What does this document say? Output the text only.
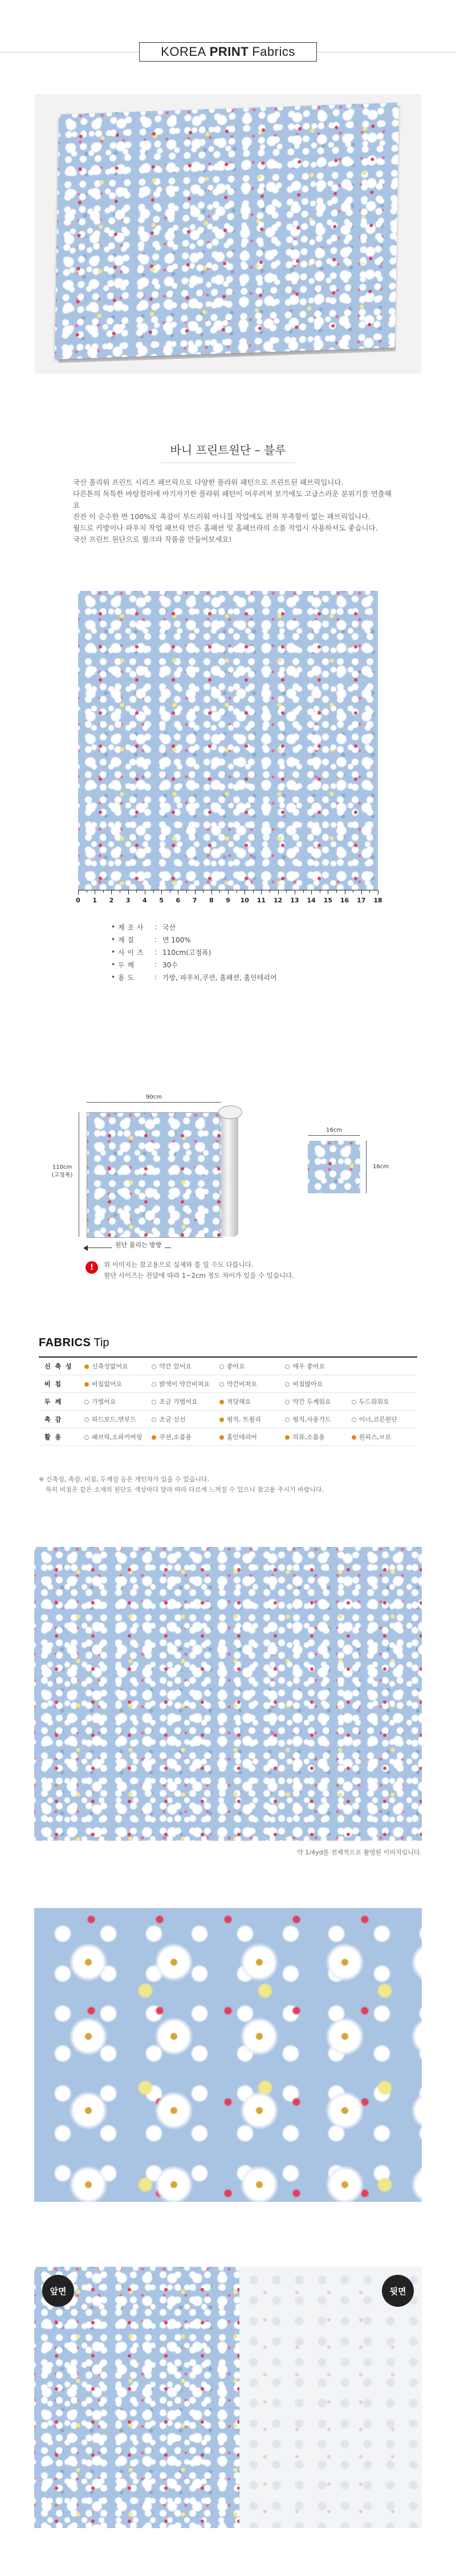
KOREA PRINT Fabrics
바니 프린트원단 – 블루
국산 폴리워 프린트 시리즈 패브릭으로 다양한 플라워 패턴으로 프린트된 패브릭입니다.
다른톤의 독특한 바탕컬러에 아기자기한 플라워 패턴이 어우러져 보기에도 고급스러운 분위기를 연출해요
잔잔 이 순수한 면 100%로 촉감이 부드러워 아니집 작업에도 전혀 부족함이 없는 패브릭입니다.
월드로 카방이나 파우치 작업 패브릭 만든 홈패션 및 홈패브라의 소품 작업시 사용하셔도 좋습니다.
국산 프린트 원단으로 퀄크라 작품을 만들어보세요!
0	1	2	3	4	5	6	7	8	9	10 11 12 13 14 15 16 17 18
• 제 조 사	: 국산
• 재 질	: 면 100%
• 사 이 즈	: 110cm(고정폭)
• 두 께	: 30수
• 용 도	: 가방, 파우치,쿠션, 홈패션, 홈인테리어
90cm
110cm
(고정폭)
16cm
16cm
원단 풀리는 방향
!	위 이미지는 참고용으로 실제와 틀 릴 수도 다릅니다.
원단 사이즈는 전달에 따라 1~2cm 정도 차이가 있을 수 있습니다.
FABRICS Tip
신 축 성	신축성없어요	약간 있어요	좋아요	매우 좋아요	
비 침	비침없어요	밝색이 약간비쳐요	약간비쳐요	비침많아요	
두 께	가볍어요	조금 가볍어요	적당해요	약간 두께워요	두드워워요
촉 감	하드보드,면부드	조금 신선	평직, 트윌리	평직,사용가드	이너,코른원단
활 용	패브릭,소파커버링	쿠션,소품용	홈인테리어	의류,소품용	원피스,ㅂ로
※ 신축성, 촉감, 비침, 두께감 등은 개인차가 있을 수 있습니다.
특히 비침은 같은 소재의 원단도 색상마다 달라 따라 다르게 느껴질 수 있으니 참고용 주시기 바랍니다.
약 1/4yd를 전체적으로 촬영된 이미지입니다.
앞면	뒷면
